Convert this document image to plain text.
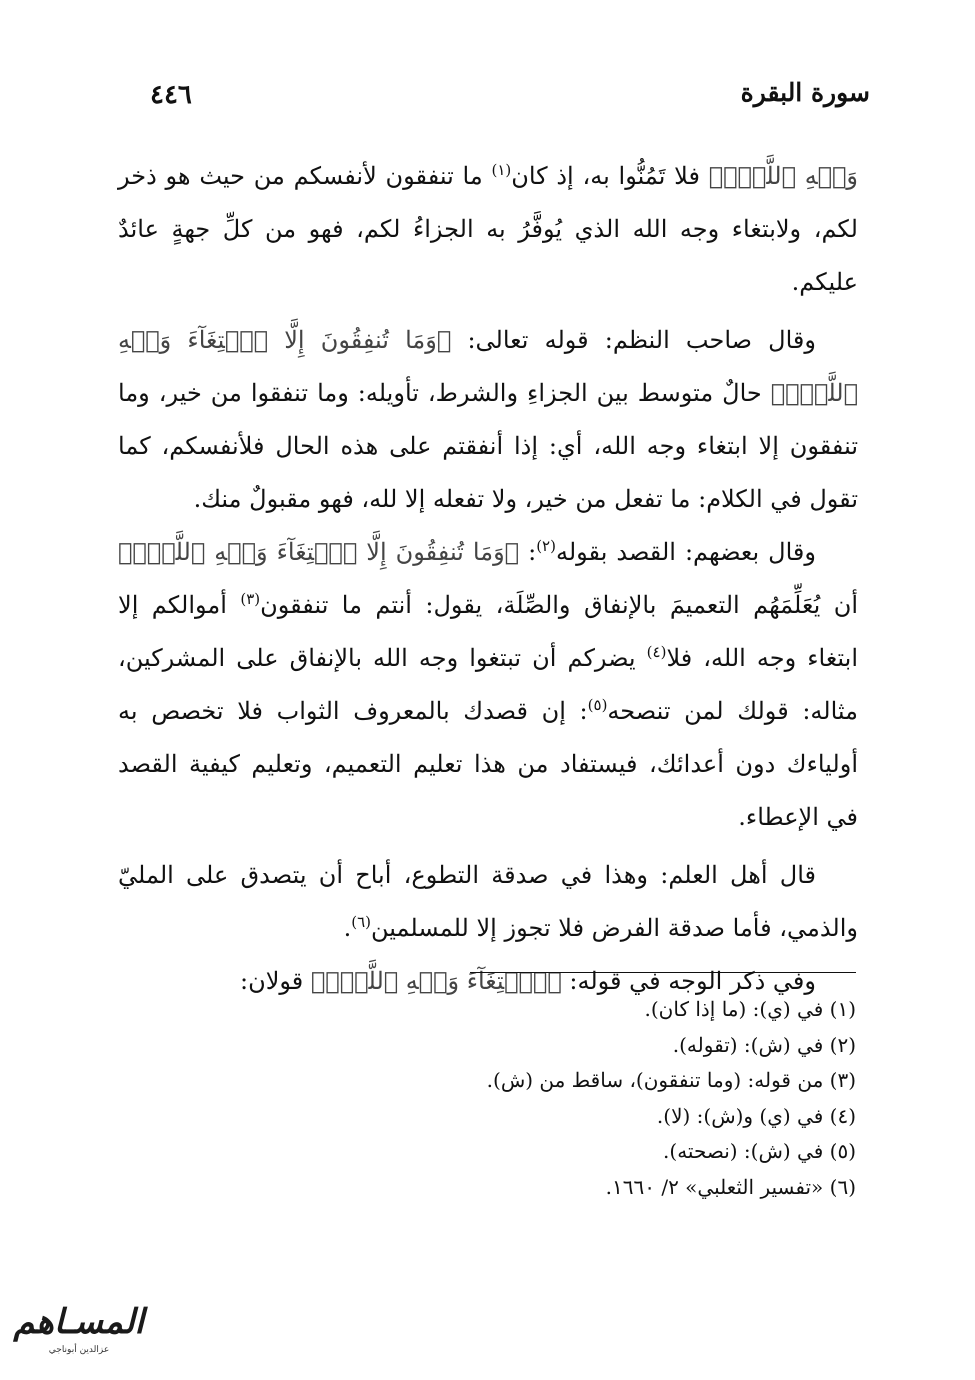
سورة البقرة
٤٤٦

وَجۡهِ ٱللَّهِۚ﴾ فلا تَمُنُّوا به، إذ كان$^{(١)}$ ما تنفقون لأنفسكم من حيث هو ذخر لكم، ولابتغاء وجه الله الذي يُوفَّرُ به الجزاءُ لكم، فهو من كلِّ جهةٍ عائدٌ عليكم.

وقال صاحب النظم: قوله تعالى: ﴿وَمَا تُنفِقُونَ إِلَّا ٱبۡتِغَآءَ وَجۡهِ ٱللَّهِۚ﴾ حالٌ متوسط بين الجزاءِ والشرط، تأويله: وما تنفقوا من خير، وما تنفقون إلا ابتغاء وجه الله، أي: إذا أنفقتم على هذه الحال فلأنفسكم، كما تقول في الكلام: ما تفعل من خير، ولا تفعله إلا لله، فهو مقبولٌ منك.

وقال بعضهم: القصد بقوله$^{(٢)}$: ﴿وَمَا تُنفِقُونَ إِلَّا ٱبۡتِغَآءَ وَجۡهِ ٱللَّهِۚ﴾ أن يُعَلِّمَهُم التعميمَ بالإنفاق والصِّلَة، يقول: أنتم ما تنفقون$^{(٣)}$ أموالكم إلا ابتغاء وجه الله، فلا$^{(٤)}$ يضركم أن تبتغوا وجه الله بالإنفاق على المشركين، مثاله: قولك لمن تنصحه$^{(٥)}$: إن قصدك بالمعروف الثواب فلا تخصص به أولياءك دون أعدائك، فيستفاد من هذا تعليم التعميم، وتعليم كيفية القصد في الإعطاء.

قال أهل العلم: وهذا في صدقة التطوع، أباح أن يتصدق على المليّ والذمي، فأما صدقة الفرض فلا تجوز إلا للمسلمين$^{(٦)}$.

وفي ذكر الوجه في قوله: ﴿ٱبۡتِغَآءَ وَجۡهِ ٱللَّهِۚ﴾ قولان:

(١) في (ي): (ما إذا كان).
(٢) في (ش): (تقوله).
(٣) من قوله: (وما تنفقون)، ساقط من (ش).
(٤) في (ي) و(ش): (لا).
(٥) في (ش): (نصحته).
(٦) «تفسير الثعلبي» ٢/ ١٦٦٠.
المسـاهم
عزالدين أبوناجي
